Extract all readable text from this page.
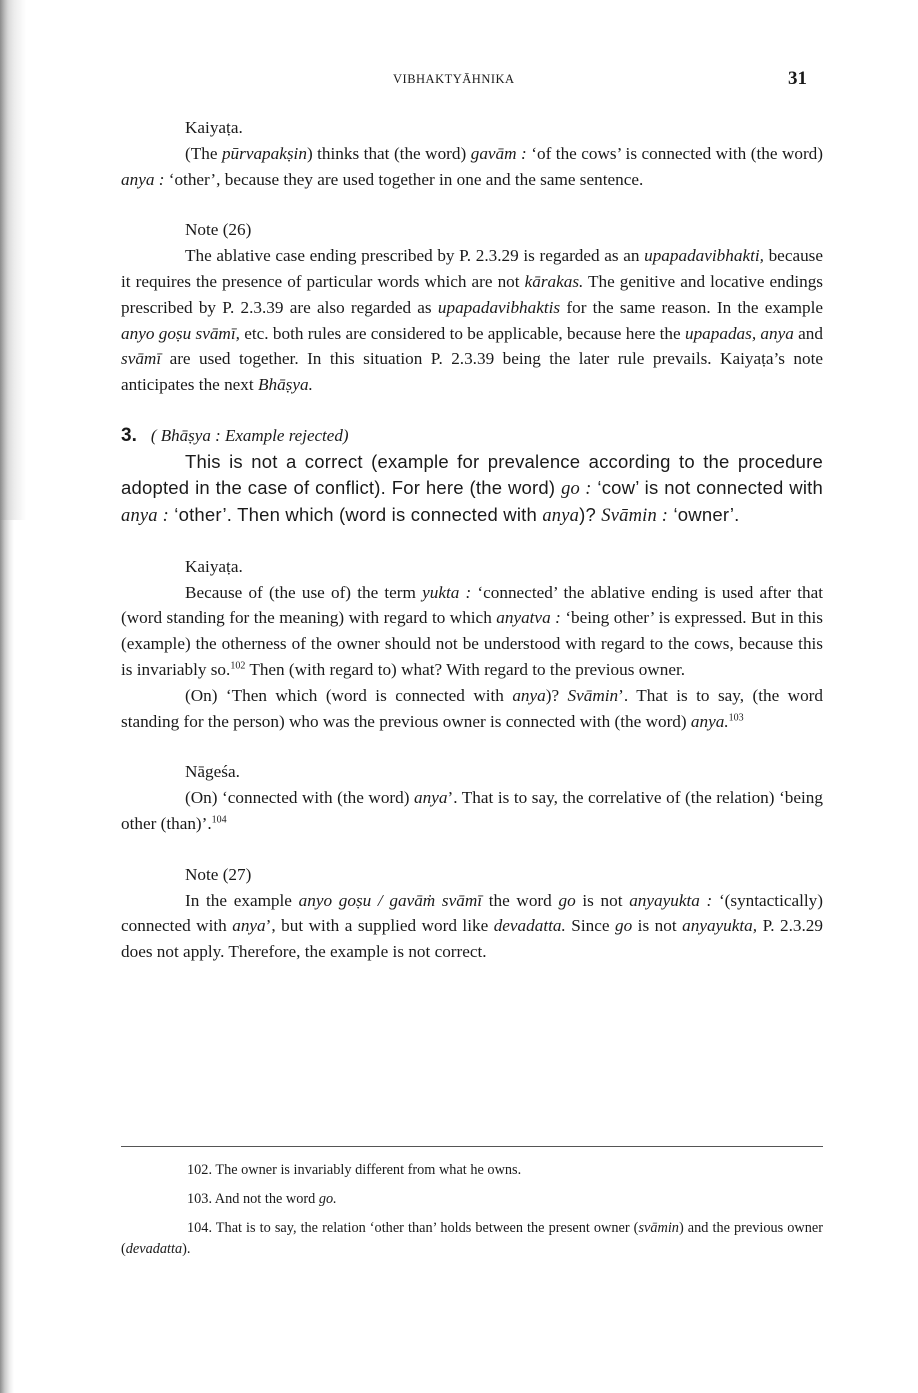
VIBHAKTYĀHNIKA	31

Kaiyaṭa.

(The pūrvapakṣin) thinks that (the word) gavām : ‘of the cows’ is connected with (the word) anya : ‘other’, because they are used together in one and the same sentence.

Note (26)

The ablative case ending prescribed by P. 2.3.29 is regarded as an upapadavibhakti, because it requires the presence of particular words which are not kārakas. The genitive and locative endings prescribed by P. 2.3.39 are also regarded as upapadavibhaktis for the same reason. In the example anyo goṣu svāmī, etc. both rules are considered to be applicable, because here the upapadas, anya and svāmī are used together. In this situation P. 2.3.39 being the later rule prevails. Kaiyaṭa’s note anticipates the next Bhāṣya.

3. ( Bhāṣya : Example rejected)

This is not a correct (example for prevalence according to the procedure adopted in the case of conflict). For here (the word) go : ‘cow’ is not connected with anya : ‘other’. Then which (word is connected with anya)? Svāmin : ‘owner’.

Kaiyaṭa.

Because of (the use of) the term yukta : ‘connected’ the ablative ending is used after that (word standing for the meaning) with regard to which anyatva : ‘being other’ is expressed. But in this (example) the otherness of the owner should not be understood with regard to the cows, because this is invariably so.$^{102}$ Then (with regard to) what? With regard to the previous owner.

(On) ‘Then which (word is connected with anya)? Svāmin’. That is to say, (the word standing for the person) who was the previous owner is connected with (the word) anya.$^{103}$

Nāgeśa.

(On) ‘connected with (the word) anya’. That is to say, the correlative of (the relation) ‘being other (than)’.$^{104}$

Note (27)

In the example anyo goṣu / gavāṁ svāmī the word go is not anyayukta : ‘(syntactically) connected with anya’, but with a supplied word like devadatta. Since go is not anyayukta, P. 2.3.29 does not apply. Therefore, the example is not correct.

102. The owner is invariably different from what he owns.

103. And not the word go.

104. That is to say, the relation ‘other than’ holds between the present owner (svāmin) and the previous owner (devadatta).
